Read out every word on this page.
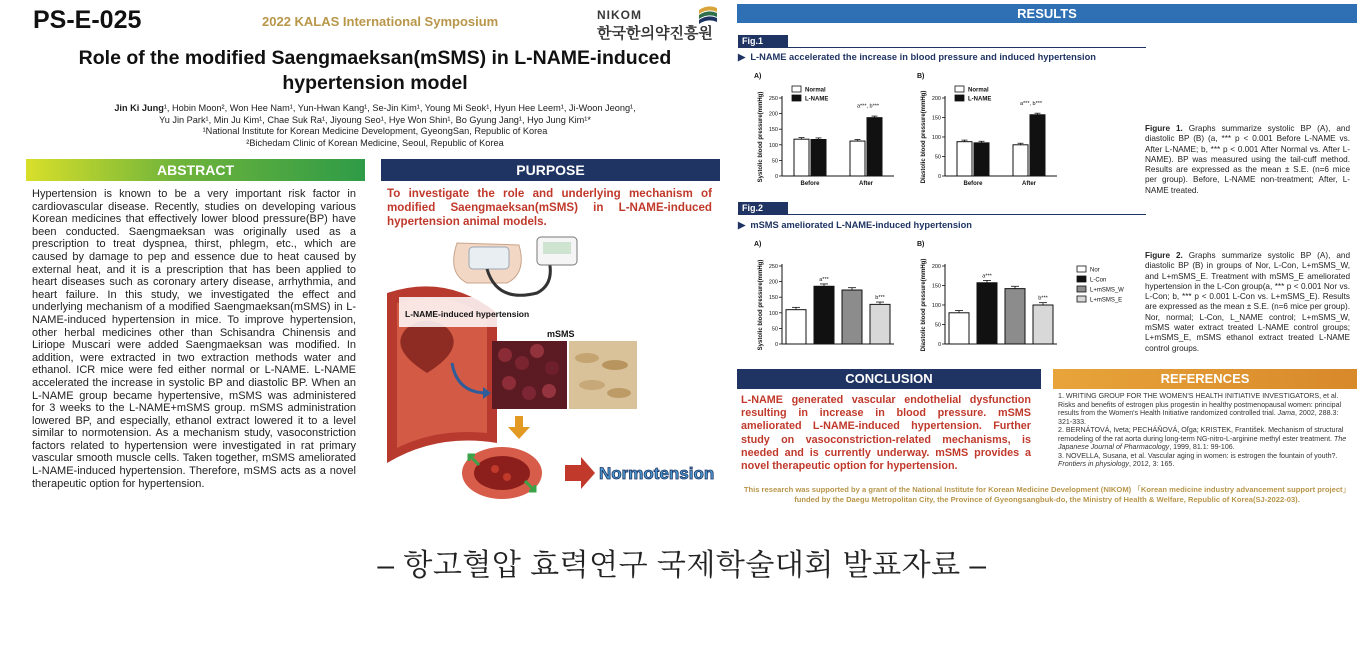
PS-E-025	2022 KALAS International Symposium	NIKOM
한국한의약진흥원
Role of the modified Saengmaeksan(mSMS) in L-NAME-induced hypertension model
Jin Ki Jung¹, Hobin Moon², Won Hee Nam¹, Yun-Hwan Kang¹, Se-Jin Kim¹, Young Mi Seok¹, Hyun Hee Leem¹, Ji-Woon Jeong¹,
Yu Jin Park¹, Min Ju Kim¹, Chae Suk Ra¹, Jiyoung Seo¹, Hye Won Shin¹, Bo Gyung Jang¹, Hyo Jung Kim¹*
¹National Institute for Korean Medicine Development, GyeongSan, Republic of Korea
²Bichedam Clinic of Korean Medicine, Seoul, Republic of Korea
ABSTRACT
Hypertension is known to be a very important risk factor in cardiovascular disease. Recently, studies on developing various Korean medicines that effectively lower blood pressure(BP) have been conducted. Saengmaeksan was originally used as a prescription to treat dyspnea, thirst, phlegm, etc., which are caused by damage to pep and essence due to heat caused by external heat, and it is a prescription that has been applied to heart diseases such as coronary artery disease, arrhythmia, and heart failure. In this study, we investigated the effect and underlying mechanism of a modified Saengmaeksan(mSMS) in L-NAME-induced hypertension in mice. To improve hypertension, other herbal medicines other than Schisandra Chinensis and Liriope Muscari were added Saengmaeksan was modified. In addition, were extracted in two extraction methods water and ethanol. ICR mice were fed either normal or L-NAME. L-NAME accelerated the increase in systolic BP and diastolic BP. When an L-NAME group became hypertensive, mSMS was administered for 3 weeks to the L-NAME+mSMS group. mSMS administration lowered BP, and especially, ethanol extract lowered it to a level similar to normotension. As a mechanism study, vasoconstriction factors related to hypertension were investigated in rat primary vascular smooth muscle cells. Taken together, mSMS ameliorated L-NAME-induced hypertension. Therefore, mSMS acts as a novel therapeutic option for hypertension.
PURPOSE
To investigate the role and underlying mechanism of modified Saengmaeksan(mSMS) in L-NAME-induced hypertension animal models.
L-NAME-induced hypertension
mSMS
Normotension
RESULTS
Fig.1
▶  L-NAME accelerated the increase in blood pressure and induced hypertension
Fig.2
▶  mSMS ameliorated L-NAME-induced hypertension
A)
Systolic blood pressure(mmHg) 0
50
100
150
200
250
Before	After
a***, b***
Normal
L-NAME
B)
Diastolic blood pressure(mmHg) 0
50
100
150
200
Before	After
a***, b***
Normal
L-NAME
A)
Systolic blood pressure(mmHg) 0
50
100
150
200
250
a***
b***
B)
Diastolic blood pressure(mmHg) 0
50
100
150
200
a***
b***
Nor
L-Con
L+mSMS_W
L+mSMS_E
Figure 1. Graphs summarize systolic BP (A), and diastolic BP (B) (a, *** p < 0.001 Before L-NAME vs. After L-NAME; b, *** p < 0.001 After Normal vs. After L-NAME). BP was measured using the tail-cuff method. Results are expressed as the mean ± S.E. (n=6 mice per group). Before, L-NAME non-treatment; After, L-NAME treated.
Figure 2. Graphs summarize systolic BP (A), and diastolic BP (B) in groups of Nor, L-Con, L+mSMS_W, and L+mSMS_E. Treatment with mSMS_E ameliorated hypertension in the L-Con group(a, *** p < 0.001 Nor vs. L-Con; b, *** p < 0.001 L-Con vs. L+mSMS_E). Results are expressed as the mean ± S.E. (n=6 mice per group). Nor, normal; L-Con, L_NAME control; L+mSMS_W, mSMS water extract treated L-NAME control groups; L+mSMS_E, mSMS ethanol extract treated L-NAME control groups.
CONCLUSION
L-NAME generated vascular endothelial dysfunction resulting in increase in blood pressure. mSMS ameliorated L-NAME-induced hypertension. Further study on vasoconstriction-related mechanisms, is needed and is currently underway. mSMS provides a novel therapeutic option for hypertension.
REFERENCES

1. WRITING GROUP FOR THE WOMEN'S HEALTH INITIATIVE INVESTIGATORS, et al. Risks and benefits of estrogen plus progestin in healthy postmenopausal women: principal results from the Women's Health Initiative randomized controlled trial. Jama, 2002, 288.3: 321-333.

2. BERNÁTOVÁ, Iveta; PECHÁŇOVÁ, Oľga; KRISTEK, František. Mechanism of structural remodeling of the rat aorta during long-term NG-nitro-L-arginine methyl ester treatment. The Japanese Journal of Pharmacology, 1999, 81.1: 99-106.

3. NOVELLA, Susana, et al. Vascular aging in women: is estrogen the fountain of youth?. Frontiers in physiology, 2012, 3: 165.

This research was supported by a grant of the National Institute for Korean Medicine Development (NIKOM) 「Korean medicine industry advancement support project」 funded by the Daegu Metropolitan City, the Province of Gyeongsangbuk-do, the Ministry of Health & Welfare, Republic of Korea(SJ-2022-03).
– 항고혈압 효력연구 국제학술대회 발표자료 –
